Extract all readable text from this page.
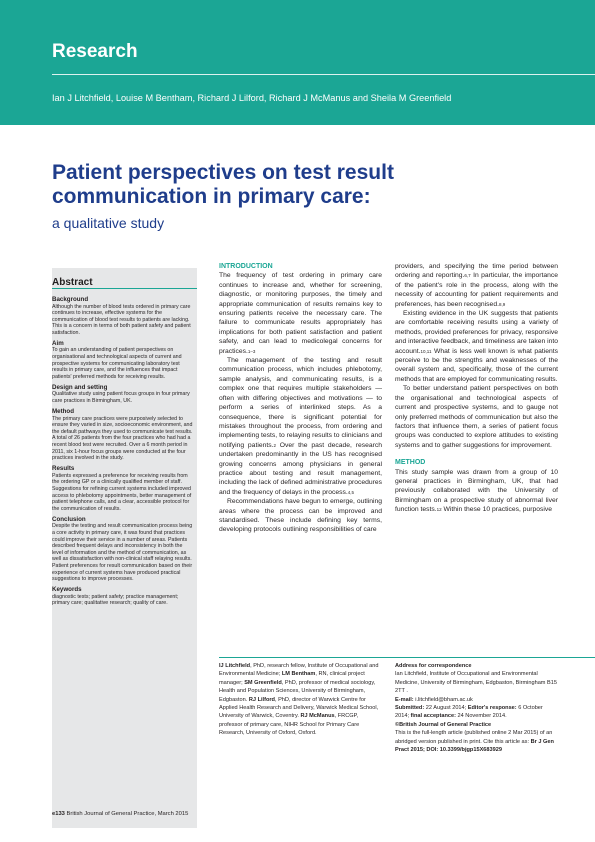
Research
Ian J Litchfield, Louise M Bentham, Richard J Lilford, Richard J McManus and Sheila M Greenfield
Patient perspectives on test result communication in primary care:
a qualitative study
Abstract
Background

Although the number of blood tests ordered in primary care continues to increase, effective systems for the communication of blood test results to patients are lacking. This is a concern in terms of both patient safety and patient satisfaction.

Aim

To gain an understanding of patient perspectives on organisational and technological aspects of current and prospective systems for communicating laboratory test results in primary care, and the influences that impact patients' preferred methods for receiving results.

Design and setting

Qualitative study using patient focus groups in four primary care practices in Birmingham, UK.

Method

The primary care practices were purposively selected to ensure they varied in size, socioeconomic environment, and the default pathways they used to communicate test results. A total of 26 patients from the four practices who had had a recent blood test were recruited. Over a 6 month period in 2011, six 1-hour focus groups were conducted at the four practices involved in the study.

Results

Patients expressed a preference for receiving results from the ordering GP or a clinically qualified member of staff. Suggestions for refining current systems included improved access to phlebotomy appointments, better management of patient telephone calls, and a clear, accessible protocol for the communication of results.

Conclusion

Despite the testing and result communication process being a core activity in primary care, it was found that practices could improve their service in a number of areas. Patients described frequent delays and inconsistency in both the level of information and the method of communication, as well as dissatisfaction with non-clinical staff relaying results. Patient preferences for result communication based on their experience of current systems have produced practical suggestions to improve processes.

Keywords

diagnostic tests; patient safety; practice management; primary care; qualitative research; quality of care.

INTRODUCTION

The frequency of test ordering in primary care continues to increase and, whether for screening, diagnostic, or monitoring purposes, the timely and appropriate communication of results remains key to ensuring patients receive the necessary care. The failure to communicate results appropriately has implications for both patient satisfaction and patient safety, and can lead to medicolegal concerns for practices.$^{1-3}$

The management of the testing and result communication process, which includes phlebotomy, sample analysis, and communicating results, is a complex one that requires multiple stakeholders — often with differing objectives and motivations — to perform a series of interlinked steps. As a consequence, there is significant potential for mistakes throughout the process, from ordering and implementing tests, to relaying results to clinicians and notifying patients.$^2$ Over the past decade, research undertaken predominantly in the US has recognised growing concerns among physicians in general practice about testing and result management, including the lack of defined administrative procedures and the frequency of delays in the process.$^{4,5}$

Recommendations have begun to emerge, outlining areas where the process can be improved and standardised. These include defining key terms, developing protocols outlining responsibilities of care

providers, and specifying the time period between ordering and reporting.$^{6,7}$ In particular, the importance of the patient's role in the process, along with the necessity of accounting for patient requirements and preferences, has been recognised.$^{8,9}$

Existing evidence in the UK suggests that patients are comfortable receiving results using a variety of methods, provided preferences for privacy, responsive and interactive feedback, and timeliness are taken into account.$^{10,11}$ What is less well known is what patients perceive to be the strengths and weaknesses of the overall system and, specifically, those of the current methods that are employed for communicating results.

To better understand patient perspectives on both the organisational and technological aspects of current and prospective systems, and to gauge not only preferred methods of communication but also the factors that influence them, a series of patient focus groups was conducted to explore attitudes to existing systems and to gather suggestions for improvement.

METHOD

This study sample was drawn from a group of 10 general practices in Birmingham, UK, that had previously collaborated with the University of Birmingham on a prospective study of abnormal liver function tests.$^{12}$ Within these 10 practices, purposive

IJ Litchfield, PhD, research fellow, Institute of Occupational and Environmental Medicine; LM Bentham, RN, clinical project manager; SM Greenfield, PhD, professor of medical sociology, Health and Population Sciences, University of Birmingham, Edgbaston. RJ Lilford, PhD, director of Warwick Centre for Applied Health Research and Delivery, Warwick Medical School, University of Warwick, Coventry. RJ McManus, FRCGP, professor of primary care, NIHR School for Primary Care Research, University of Oxford, Oxford.
Address for correspondence
Ian Litchfield, Institute of Occupational and Environmental Medicine, University of Birmingham, Edgbaston, Birmingham B15 2TT .
E-mail: i.litchfield@bham.ac.uk
Submitted: 22 August 2014; Editor's response: 6 October 2014; final acceptance: 24 November 2014.
©British Journal of General Practice
This is the full-length article (published online 2 Mar 2015) of an abridged version published in print. Cite this article as: Br J Gen Pract 2015; DOI: 10.3399/bjgp15X683929
e133 British Journal of General Practice, March 2015
